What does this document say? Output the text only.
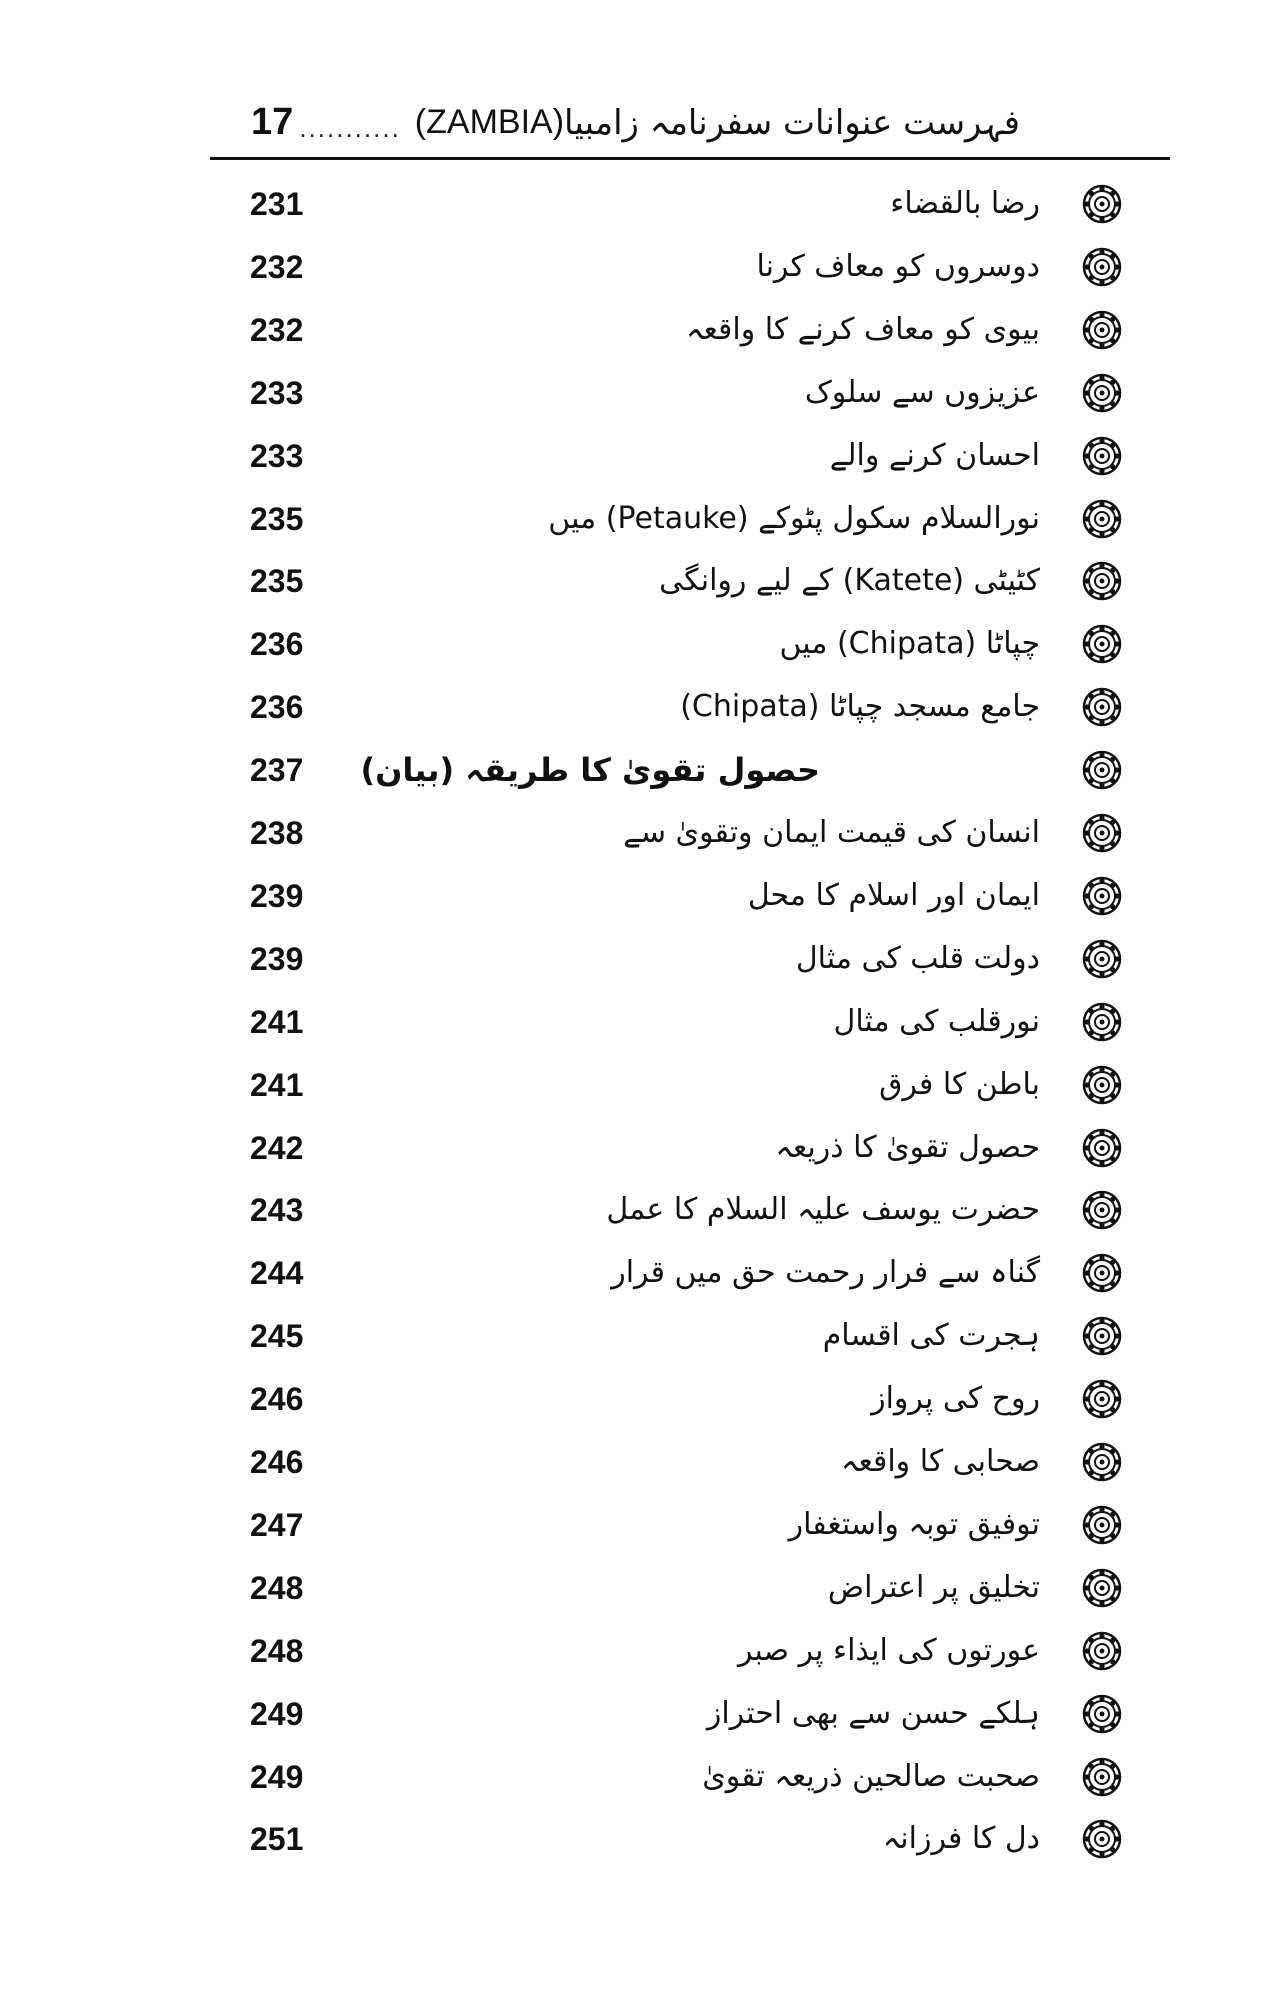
17 ........... (ZAMBIA) فہرست عنوانات سفرنامہ زامبیا
231	رضا بالقضاء
232	دوسروں کو معاف کرنا
232	بیوی کو معاف کرنے کا واقعہ
233	عزیزوں سے سلوک
233	احسان کرنے والے
235	نورالسلام سکول پٹوکے (Petauke) میں
235	کٹیٹی (Katete) کے لیے روانگی
236	چپاٹا (Chipata) میں
236	جامع مسجد چپاٹا (Chipata)
237	حصول تقویٰ کا طریقہ (بیان)
238	انسان کی قیمت ایمان وتقویٰ سے
239	ایمان اور اسلام کا محل
239	دولت قلب کی مثال
241	نورقلب کی مثال
241	باطن کا فرق
242	حصول تقویٰ کا ذریعہ
243	حضرت یوسف علیہ السلام کا عمل
244	گناہ سے فرار رحمت حق میں قرار
245	ہجرت کی اقسام
246	روح کی پرواز
246	صحابی کا واقعہ
247	توفیق توبہ واستغفار
248	تخلیق پر اعتراض
248	عورتوں کی ایذاء پر صبر
249	ہلکے حسن سے بھی احتراز
249	صحبت صالحین ذریعہ تقویٰ
251	دل کا فرزانہ
